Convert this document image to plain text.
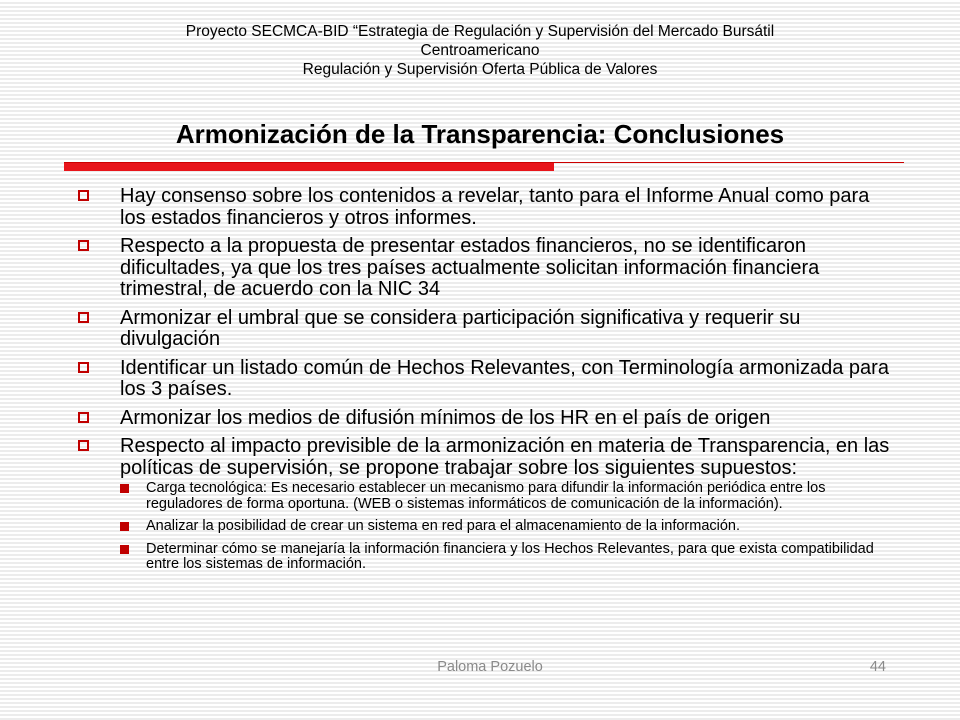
Proyecto SECMCA-BID “Estrategia de Regulación y Supervisión del Mercado Bursátil
Centroamericano
Regulación y Supervisión Oferta Pública de Valores
Armonización de la Transparencia: Conclusiones
Hay consenso sobre los contenidos a revelar, tanto para el Informe Anual como para los estados financieros y otros informes.
Respecto a la propuesta de presentar estados financieros, no se identificaron dificultades, ya que los tres países actualmente solicitan información financiera trimestral, de acuerdo con la NIC 34
Armonizar el umbral que se considera participación significativa y requerir su divulgación
Identificar un listado común de Hechos Relevantes, con Terminología armonizada para los 3 países.
Armonizar los medios de difusión mínimos de los HR en el país de origen
Respecto al impacto previsible de la armonización en materia de Transparencia, en las políticas de supervisión, se propone trabajar sobre los siguientes supuestos:
Carga tecnológica: Es necesario establecer un mecanismo para difundir la información periódica entre los reguladores de forma oportuna. (WEB o sistemas informáticos de comunicación de la información).
Analizar la posibilidad de crear un sistema en red para el almacenamiento de la información.
Determinar cómo se manejaría la información financiera y los Hechos Relevantes, para que exista compatibilidad entre los sistemas de información.
Paloma Pozuelo	44
